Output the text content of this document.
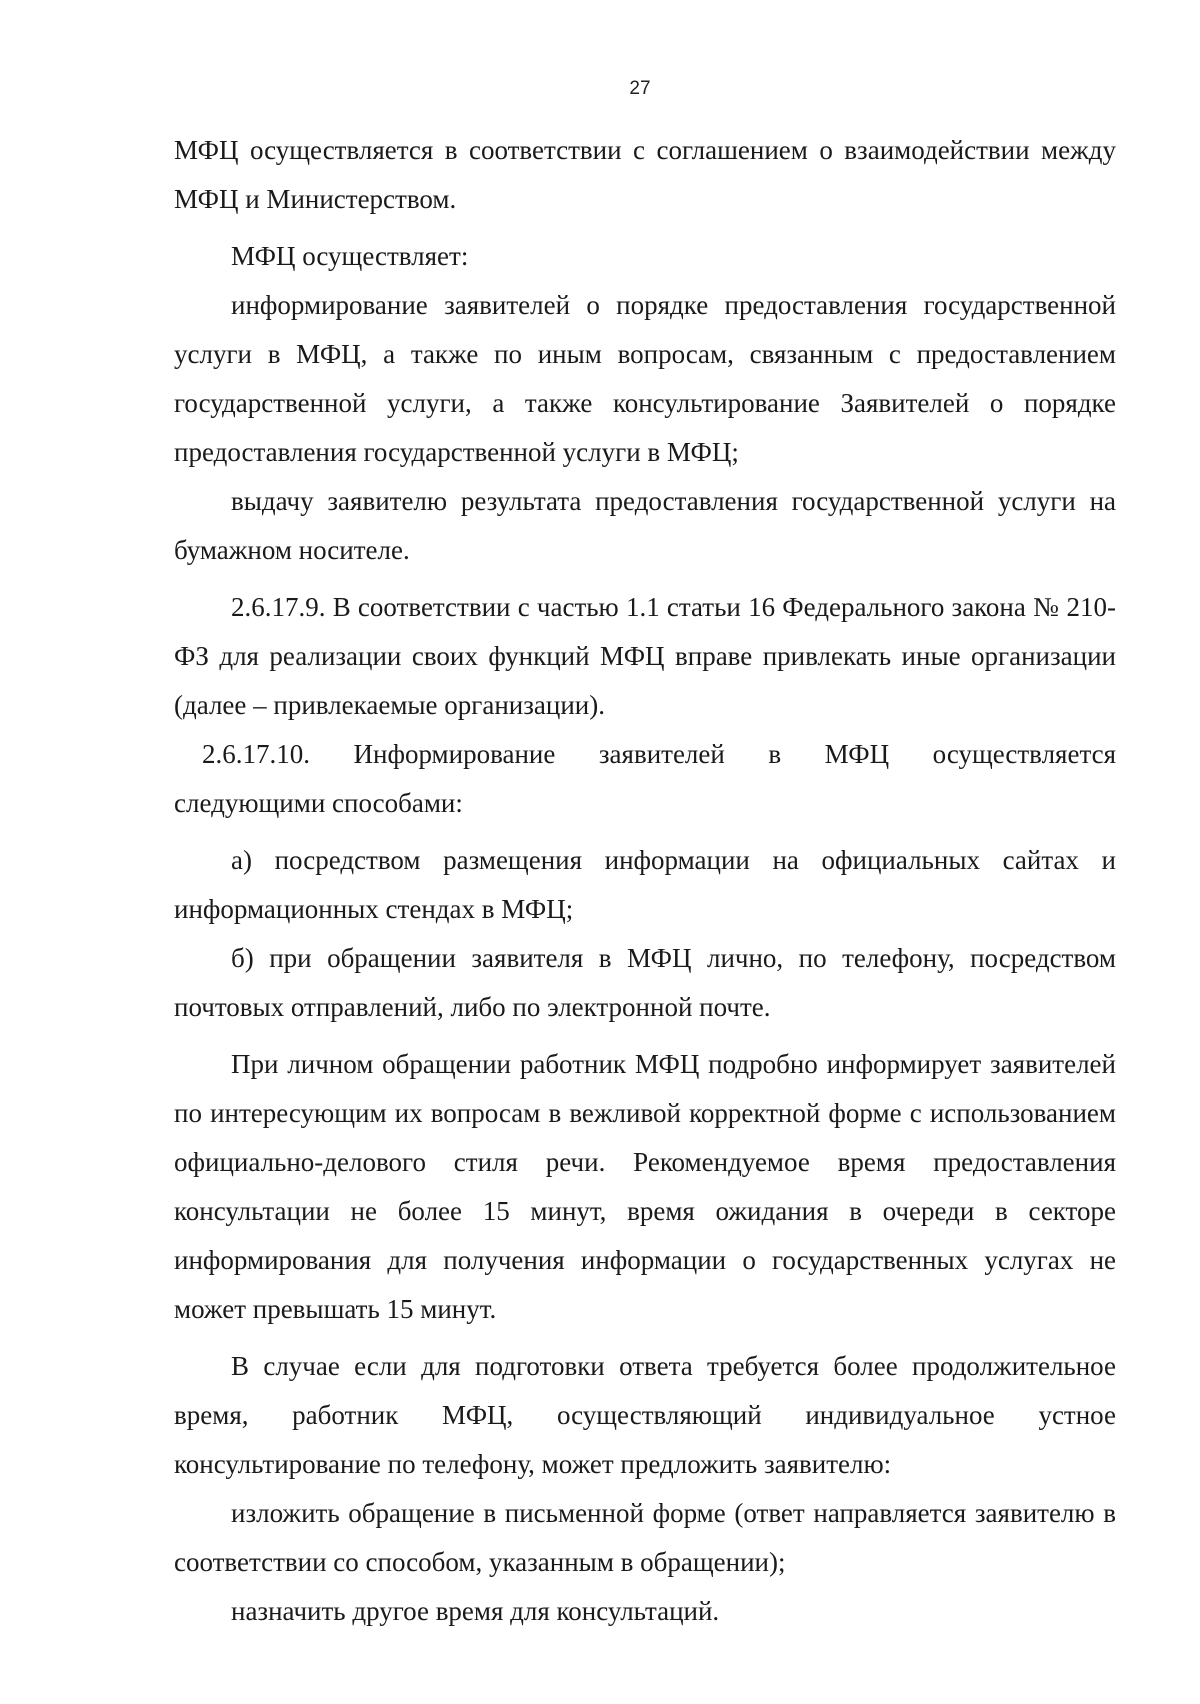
27

МФЦ осуществляется в соответствии с соглашением о взаимодействии между МФЦ и Министерством.

МФЦ осуществляет:

информирование заявителей о порядке предоставления государственной услуги в МФЦ, а также по иным вопросам, связанным с предоставлением государственной услуги, а также консультирование Заявителей о порядке предоставления государственной услуги в МФЦ;

выдачу заявителю результата предоставления государственной услуги на бумажном носителе.

2.6.17.9. В соответствии с частью 1.1 статьи 16 Федерального закона № 210-ФЗ для реализации своих функций МФЦ вправе привлекать иные организации (далее – привлекаемые организации).

2.6.17.10. Информирование заявителей в МФЦ осуществляется

следующими способами:

а) посредством размещения информации на официальных сайтах и информационных стендах в МФЦ;

б) при обращении заявителя в МФЦ лично, по телефону, посредством почтовых отправлений, либо по электронной почте.

При личном обращении работник МФЦ подробно информирует заявителей по интересующим их вопросам в вежливой корректной форме с использованием официально-делового стиля речи. Рекомендуемое время предоставления консультации не более 15 минут, время ожидания в очереди в секторе информирования для получения информации о государственных услугах не может превышать 15 минут.

В случае если для подготовки ответа требуется более продолжительное время, работник МФЦ, осуществляющий индивидуальное устное консультирование по телефону, может предложить заявителю:

изложить обращение в письменной форме (ответ направляется заявителю в соответствии со способом, указанным в обращении);

назначить другое время для консультаций.
